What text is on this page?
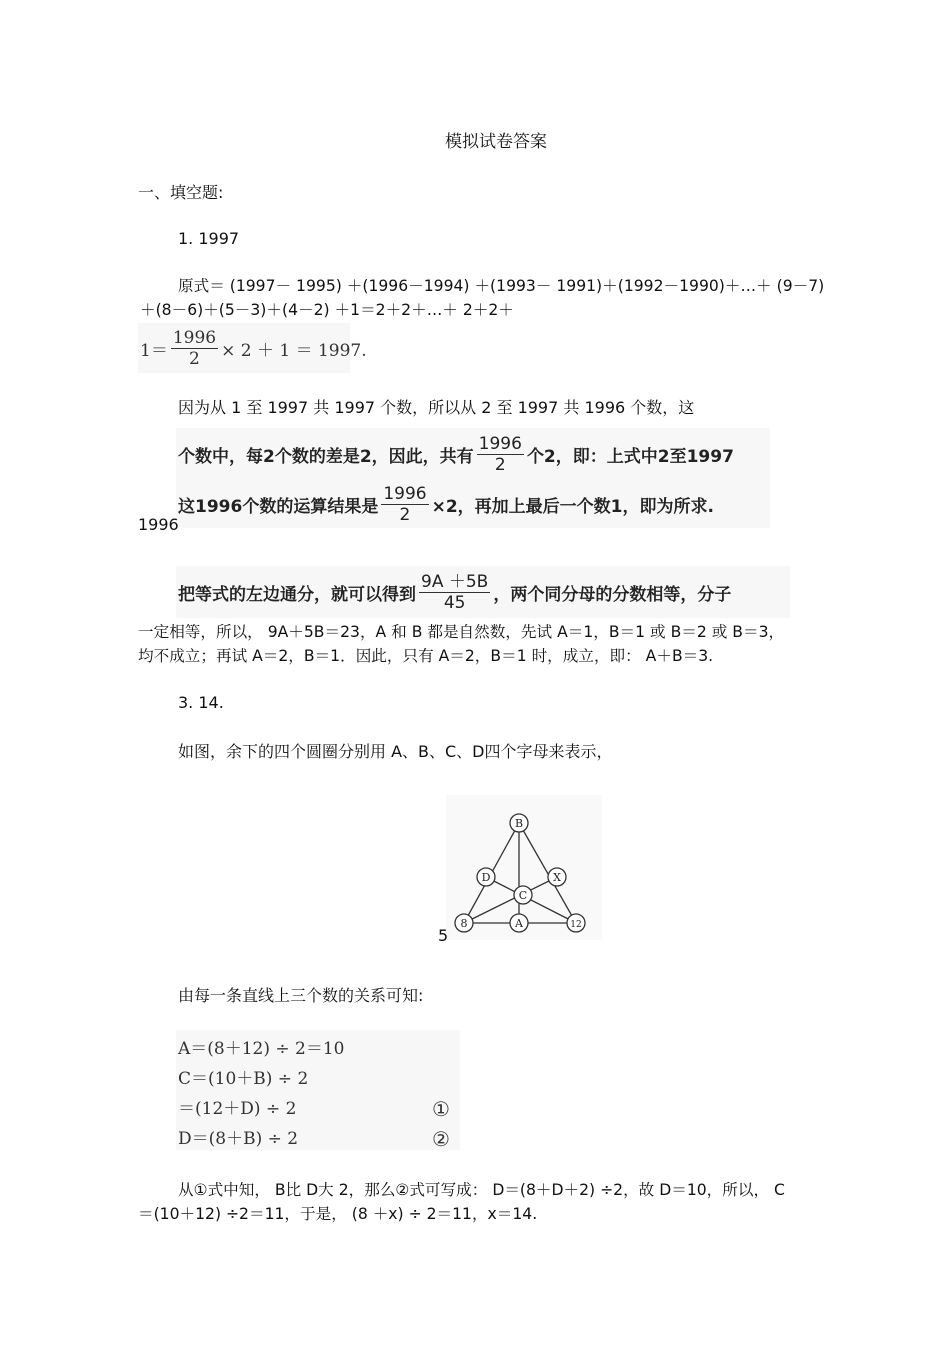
模拟试卷答案
一、填空题:
1. 1997
原式＝ (1997－ 1995) ＋(1996－1994) ＋(1993－ 1991)＋(1992－1990)＋…＋ (9－7)
＋(8－6)＋(5－3)＋(4－2) ＋1＝2＋2＋…＋ 2＋2＋
$1= \frac{1996}{2} \times 2 + 1 = 1997$.
因为从 1 至 1997 共 1997 个数，所以从 2 至 1997 共 1996 个数，这
个数中，每2个数的差是2，因此，共有 $\frac{1996}{2}$ 个2，即：上式中2至1997
这1996个数的运算结果是 $\frac{1996}{2} \times 2$，再加上最后一个数1，即为所求.
1996
把等式的左边通分，就可以得到 $\frac{9A +5B}{45}$ ，两个同分母的分数相等，分子
一定相等，所以， 9A＋5B＝23，A 和 B 都是自然数，先试 A＝1，B＝1 或 B＝2 或 B＝3，
均不成立；再试 A＝2，B＝1．因此，只有 A＝2，B＝1 时，成立，即： A＋B＝3.
3. 14.
如图，余下的四个圆圈分别用 A、B、C、D四个字母来表示，
B
D	X
C
8	A	12
5
由每一条直线上三个数的关系可知:
A＝(8＋12) ÷ 2＝10
C＝(10＋B) ÷ 2
＝(12＋D) ÷ 2
D＝(8＋B) ÷ 2
①
②
从①式中知， B比 D大 2，那么②式可写成： D＝(8＋D＋2) ÷2，故 D＝10，所以， C
＝(10＋12) ÷2＝11，于是， (8 ＋x) ÷ 2＝11，x＝14.
